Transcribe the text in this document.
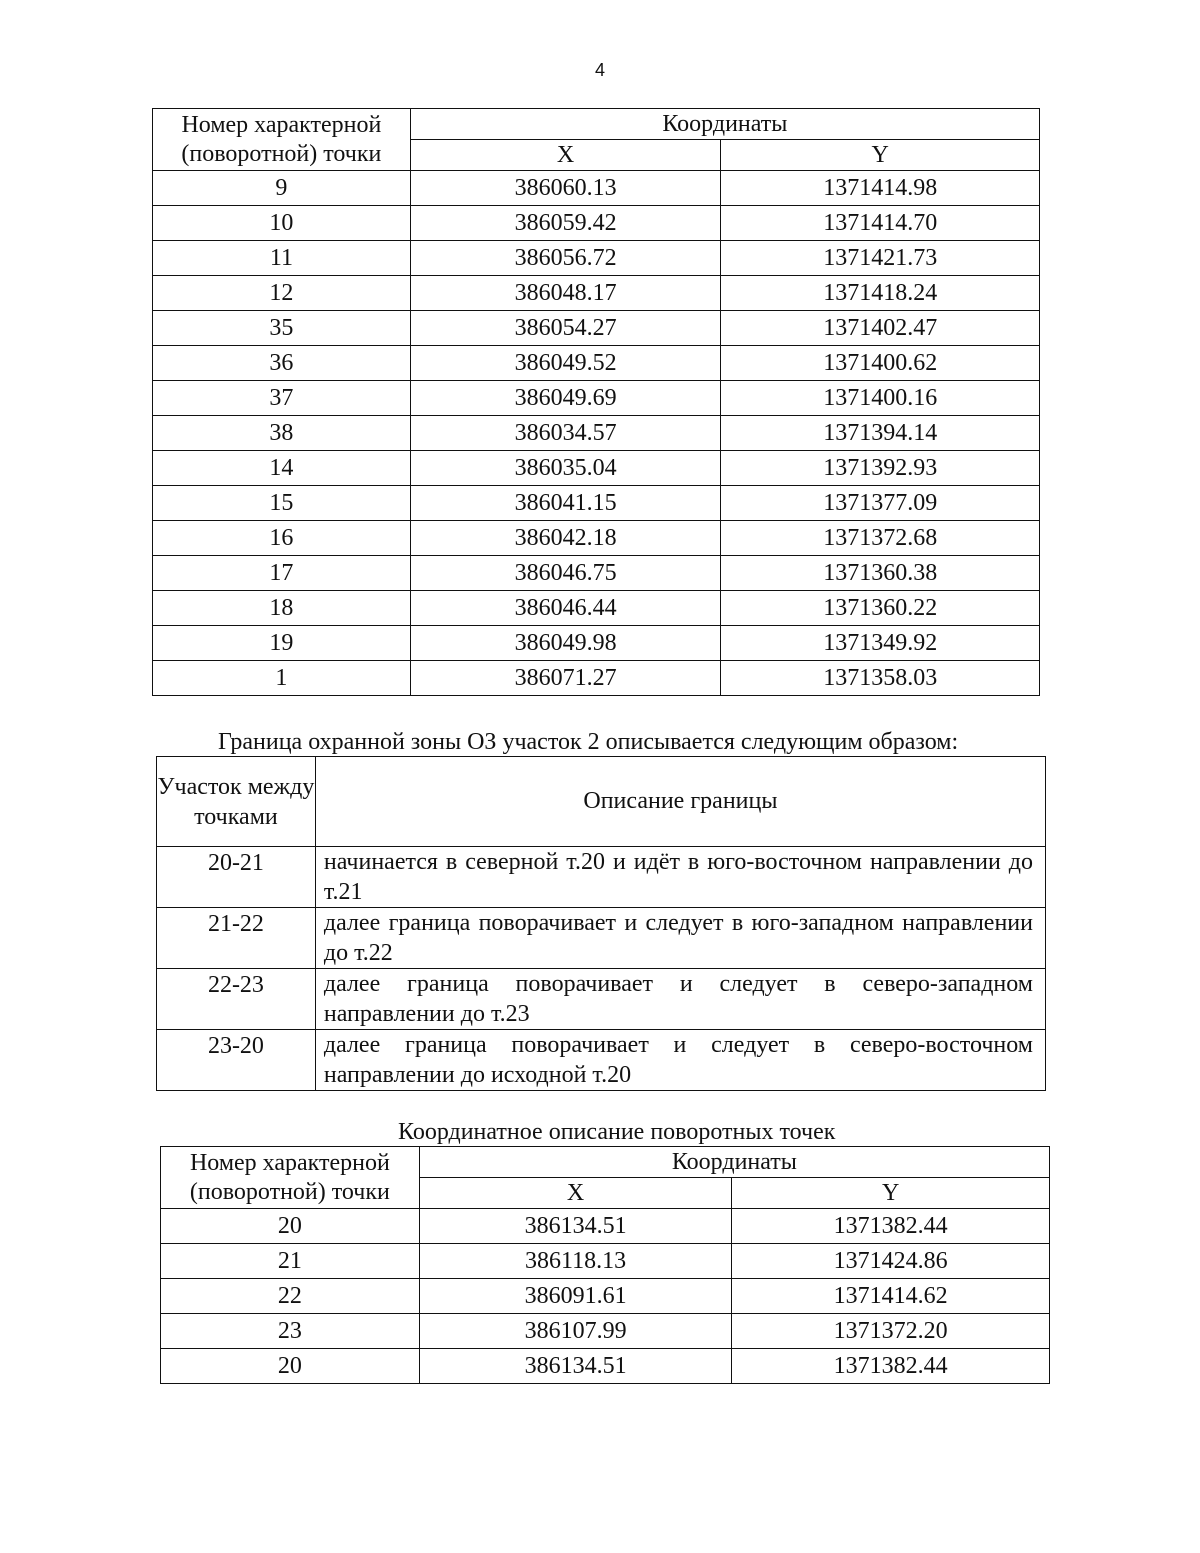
4
Номер характерной (поворотной) точки	Координаты	
	X	Y
9	386060.13	1371414.98
10	386059.42	1371414.70
11	386056.72	1371421.73
12	386048.17	1371418.24
35	386054.27	1371402.47
36	386049.52	1371400.62
37	386049.69	1371400.16
38	386034.57	1371394.14
14	386035.04	1371392.93
15	386041.15	1371377.09
16	386042.18	1371372.68
17	386046.75	1371360.38
18	386046.44	1371360.22
19	386049.98	1371349.92
1	386071.27	1371358.03
Граница охранной зоны ОЗ участок 2 описывается следующим образом:
Участок между точками	Описание границы
20-21	начинается в северной т.20 и идёт в юго-восточном направлении до т.21
21-22	далее граница поворачивает и следует в юго-западном направлении до т.22
22-23	далее граница поворачивает и следует в северо-западном направлении до т.23
23-20	далее граница поворачивает и следует в северо-восточном направлении до исходной т.20
Координатное описание поворотных точек
Номер характерной (поворотной) точки	Координаты	
	X	Y
20	386134.51	1371382.44
21	386118.13	1371424.86
22	386091.61	1371414.62
23	386107.99	1371372.20
20	386134.51	1371382.44
